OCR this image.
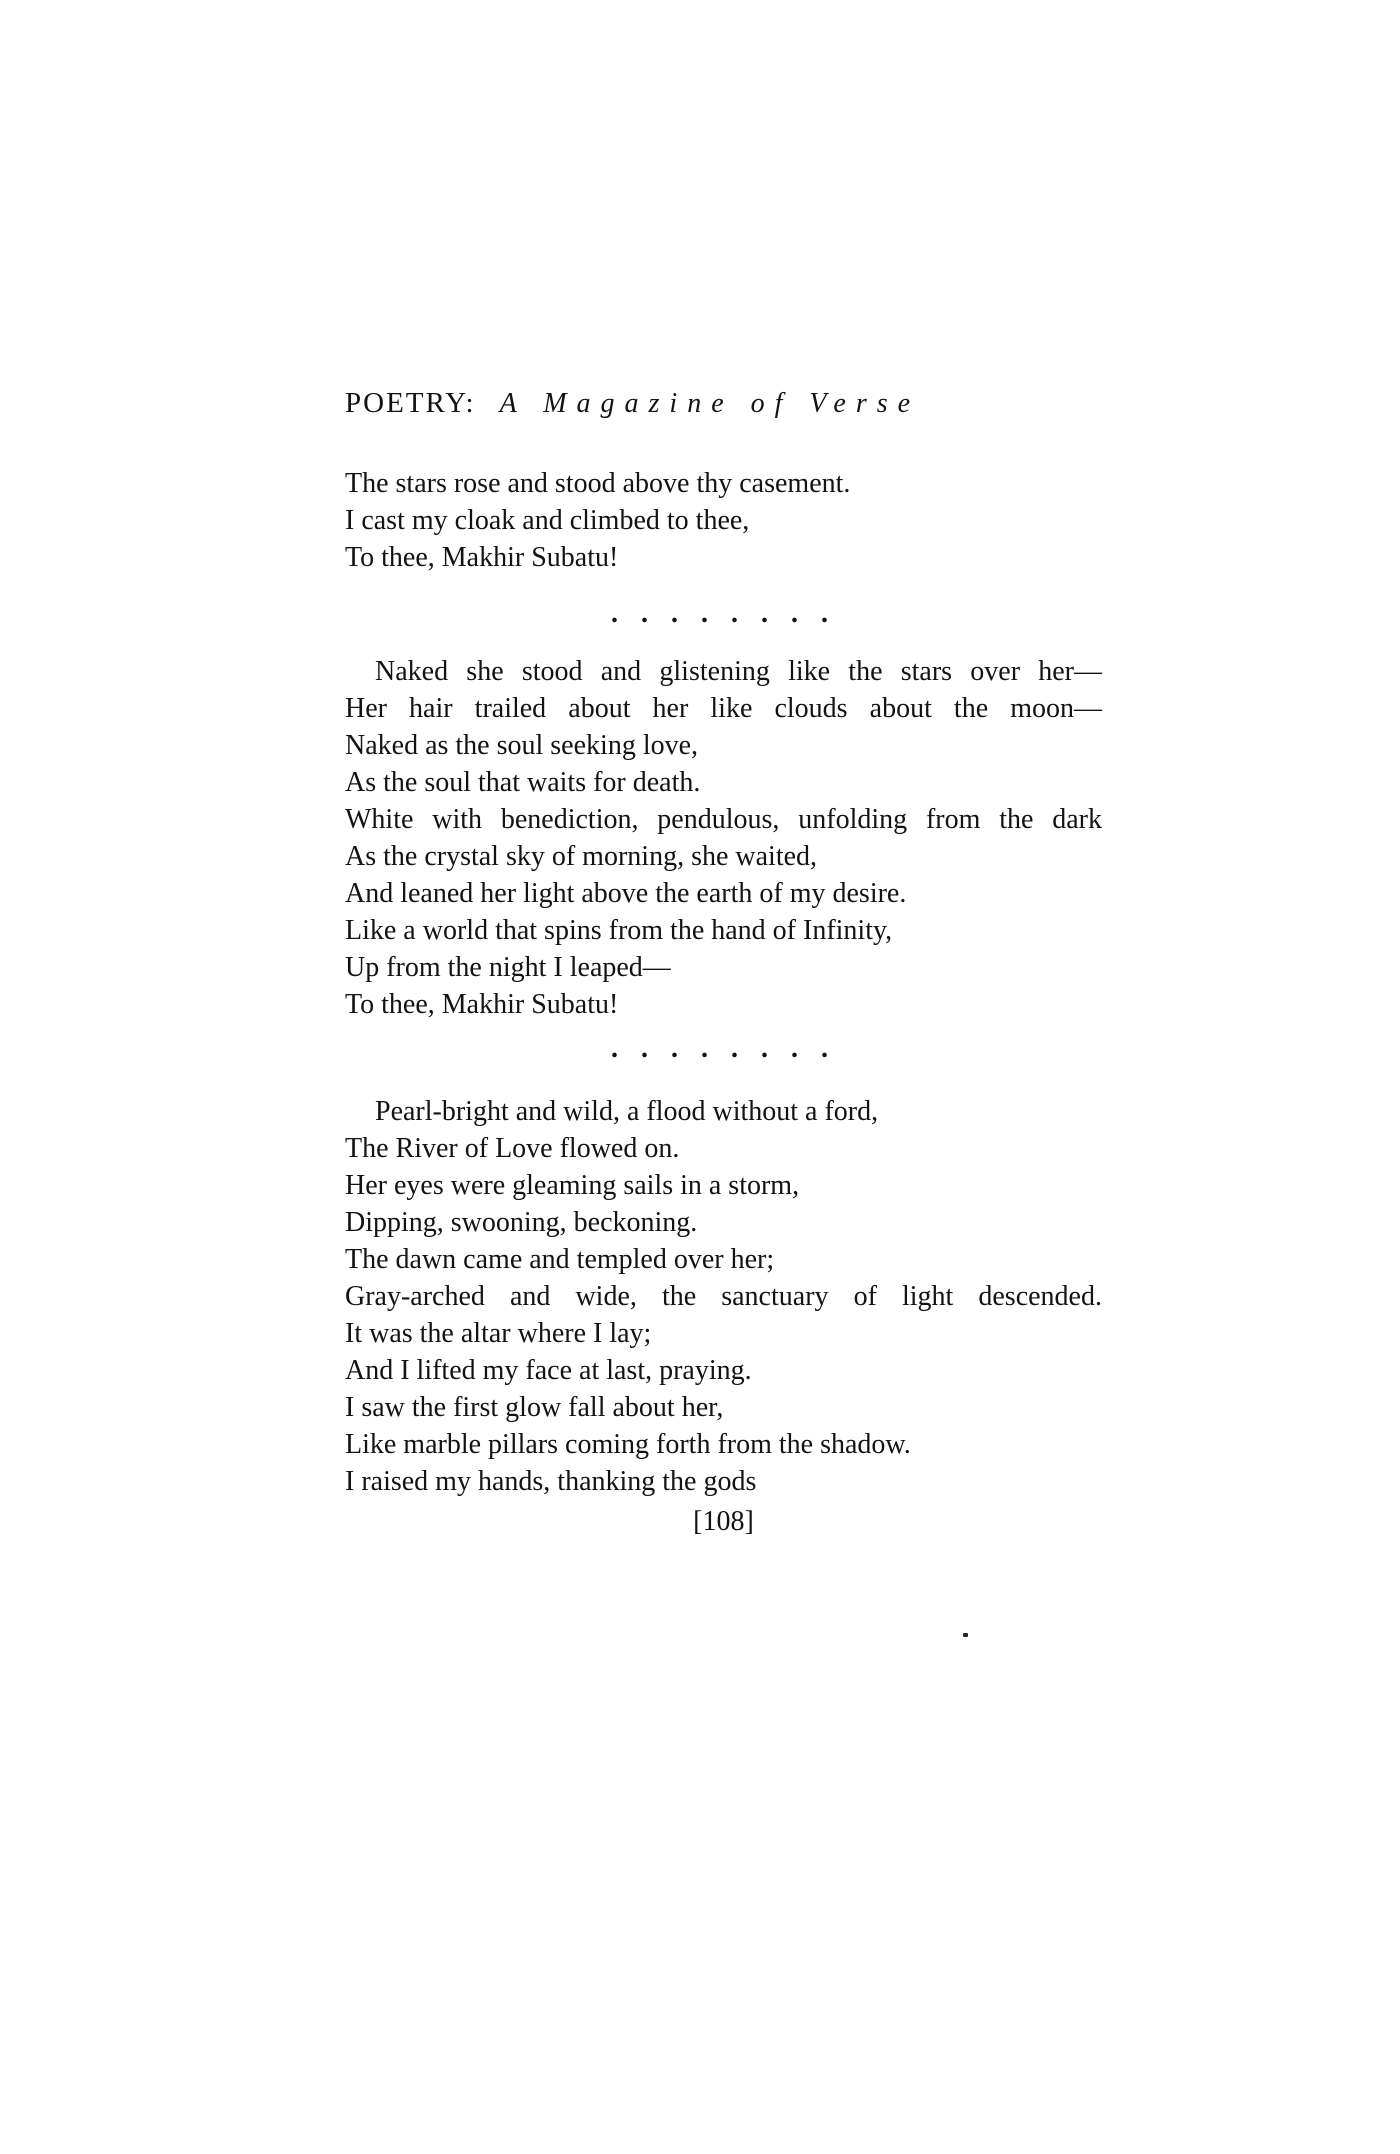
POETRY: A Magazine of Verse
The stars rose and stood above thy casement.
I cast my cloak and climbed to thee,
To thee, Makhir Subatu!
. . . . . . . .
Naked she stood and glistening like the stars over her—
Her hair trailed about her like clouds about the moon—
Naked as the soul seeking love,
As the soul that waits for death.
White with benediction, pendulous, unfolding from the dark
As the crystal sky of morning, she waited,
And leaned her light above the earth of my desire.
Like a world that spins from the hand of Infinity,
Up from the night I leaped—
To thee, Makhir Subatu!
. . . . . . . .
Pearl-bright and wild, a flood without a ford,
The River of Love flowed on.
Her eyes were gleaming sails in a storm,
Dipping, swooning, beckoning.
The dawn came and templed over her;
Gray-arched and wide, the sanctuary of light descended.
It was the altar where I lay;
And I lifted my face at last, praying.
I saw the first glow fall about her,
Like marble pillars coming forth from the shadow.
I raised my hands, thanking the gods
[108]
